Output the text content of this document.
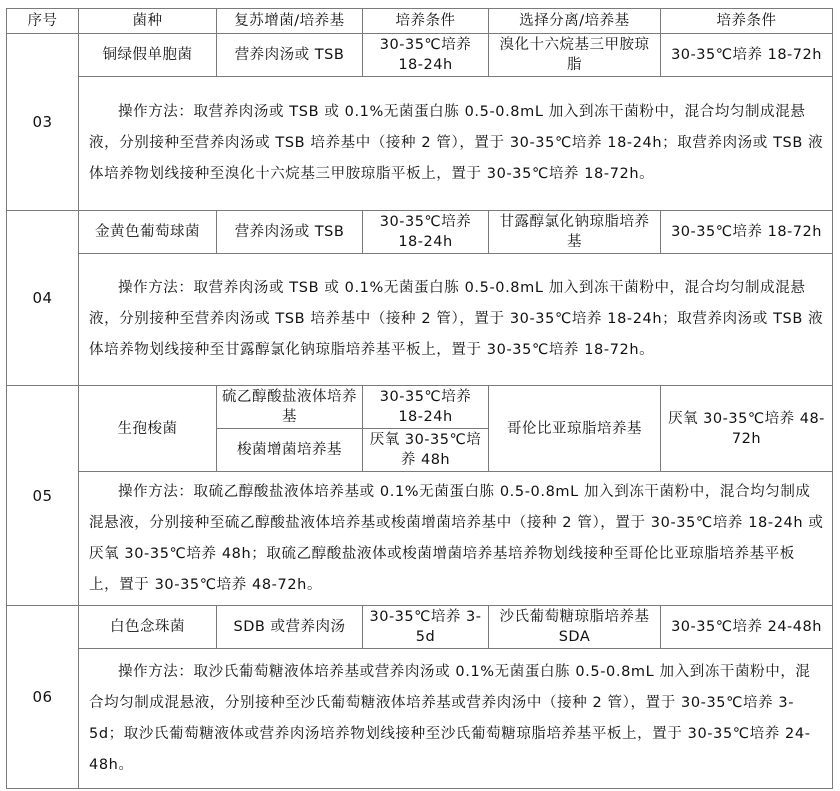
序号	菌种	复苏增菌/培养基	培养条件	选择分离/培养基	培养条件
03	铜绿假单胞菌	营养肉汤或 TSB	30-35℃培养 18-24h	溴化十六烷基三甲胺琼脂	30-35℃培养 18-72h
	操作方法：取营养肉汤或 TSB 或 0.1%无菌蛋白胨 0.5-0.8mL 加入到冻干菌粉中，混合均匀制成混悬液，分别接种至营养肉汤或 TSB 培养基中（接种 2 管），置于 30-35℃培养 18-24h；取营养肉汤或 TSB 液体培养物划线接种至溴化十六烷基三甲胺琼脂平板上，置于 30-35℃培养 18-72h。				
04	金黄色葡萄球菌	营养肉汤或 TSB	30-35℃培养 18-24h	甘露醇氯化钠琼脂培养基	30-35℃培养 18-72h
	操作方法：取营养肉汤或 TSB 或 0.1%无菌蛋白胨 0.5-0.8mL 加入到冻干菌粉中，混合均匀制成混悬液，分别接种至营养肉汤或 TSB 培养基中（接种 2 管），置于 30-35℃培养 18-24h；取营养肉汤或 TSB 液体培养物划线接种至甘露醇氯化钠琼脂培养基平板上，置于 30-35℃培养 18-72h。				
05	生孢梭菌	硫乙醇酸盐液体培养基	30-35℃培养 18-24h	哥伦比亚琼脂培养基	厌氧 30-35℃培养 48-72h
		梭菌增菌培养基	厌氧 30-35℃培养 48h		
	操作方法：取硫乙醇酸盐液体培养基或 0.1%无菌蛋白胨 0.5-0.8mL 加入到冻干菌粉中，混合均匀制成混悬液，分别接种至硫乙醇酸盐液体培养基或梭菌增菌培养基中（接种 2 管），置于 30-35℃培养 18-24h 或厌氧 30-35℃培养 48h；取硫乙醇酸盐液体或梭菌增菌培养基培养物划线接种至哥伦比亚琼脂培养基平板上，置于 30-35℃培养 48-72h。				
06	白色念珠菌	SDB 或营养肉汤	30-35℃培养 3-5d	沙氏葡萄糖琼脂培养基 SDA	30-35℃培养 24-48h
	操作方法：取沙氏葡萄糖液体培养基或营养肉汤或 0.1%无菌蛋白胨 0.5-0.8mL 加入到冻干菌粉中，混合均匀制成混悬液，分别接种至沙氏葡萄糖液体培养基或营养肉汤中（接种 2 管），置于 30-35℃培养 3-5d；取沙氏葡萄糖液体或营养肉汤培养物划线接种至沙氏葡萄糖琼脂培养基平板上，置于 30-35℃培养 24-48h。				
